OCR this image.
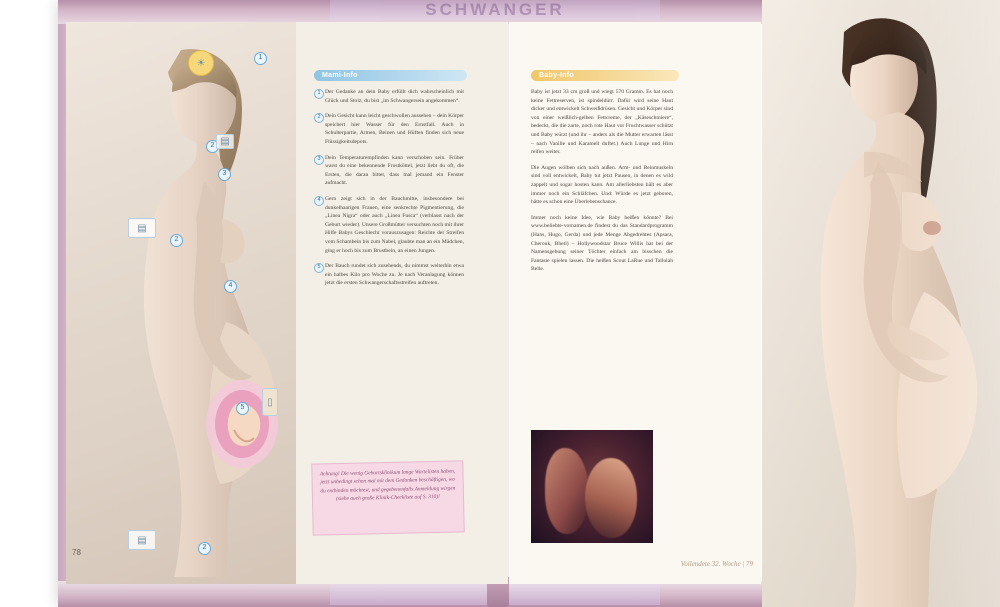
SCHWANGER
1
☀
2 ▤
3
2
▤
4
5	▯
2
▤
78
Mami-Info
1 Der Gedanke an dein Baby erfüllt dich wahrscheinlich mit Glück und Stolz, du bist „im Schwangersein angekommen“.
2 Dein Gesicht kann leicht geschwollen aussehen – dein Körper speichert hier Wasser für den Ernstfall. Auch in Schulterpartie, Armen, Beinen und Hüften finden sich neue Flüssigkeitsdepots.
3 Dein Temperaturempfinden kann verschoben sein. Früher warst du eine bekennende Frostköttel, jetzt liebt du oft, die Ersten, die daran bittet, dass mal jemand ein Fenster aufmacht.
4 Gern zeigt sich in der Bauchmitte, insbesondere bei dunkelhaarigen Frauen, eine senkrechte Pigmentierung, die „Linea Nigra“ oder auch „Linea Fusca“ (verblasst nach der Geburt wieder). Unsere Großmütter versuchten noch mit ihrer Hilfe Babys Geschlecht vorauszusagen: Reichte der Streifen vom Schambein bis zum Nabel, glaubte man an ein Mädchen, ging er hoch bis zum Brustbein, an einen Jungen.
5 Der Bauch rundet sich zusehends, du nimmst weiterhin etwa ein halbes Kilo pro Woche zu. Je nach Veranlagung können jetzt die ersten Schwangerschaftsstreifen auftreten.
Achtung! Die wenig Geburtsklinikum lange Wartelisten haben, jetzt unbedingt schon mal mit dem Gedanken beschäftigen, wo du entbinden möchtest, und gegebenenfalls Anmeldung wirgen (siehe auch große Klinik-Checkliste auf S. 310)!
Baby-Info
Baby ist jetzt 33 cm groß und wiegt 570 Gramm. Es hat noch keine Fettreserven, ist spindeldürr. Dafür wird seine Haut dicker und entwickelt Schweißdrüsen. Gesicht und Körper sind von einer weißlich-gelben Fettcreme, der „Käseschmiere“, bedeckt, die die zarte, noch rote Haut vor Fruchtwasser schützt und Baby würzt (und ihr – anders als die Mutter erwarten lässt – nach Vanille und Karamell duftet.) Auch Lunge und Hirn reifen weiter.
Die Augen wölben sich nach außen. Arm- und Beinmuskeln sind voll entwickelt, Baby tut jetzt Pausen, in denen es wild zappelt und sogar hosten kann. Am allerliebsten hält es aber immer noch ein Schläfchen. Und: Würde es jetzt geboren, hätte es schon eine Überlebenschance.
Immer noch keine Idee, wie Baby heißen könnte? Bei www.beliebte-vornamen.de findest du das Standardprogramm (Hans, Hugo, Gerda) und jede Menge Abgedrehtes (Apsara, Cherouk, Bhetl) – Hollywoodstar Bruce Willis hat bei der Namensgebung seiner Töchter einfach am bisschen die Fantasie spielen lassen. Die heißen Scout LaRue und Tallulah Belle.
Vollendete 32. Woche | 79
